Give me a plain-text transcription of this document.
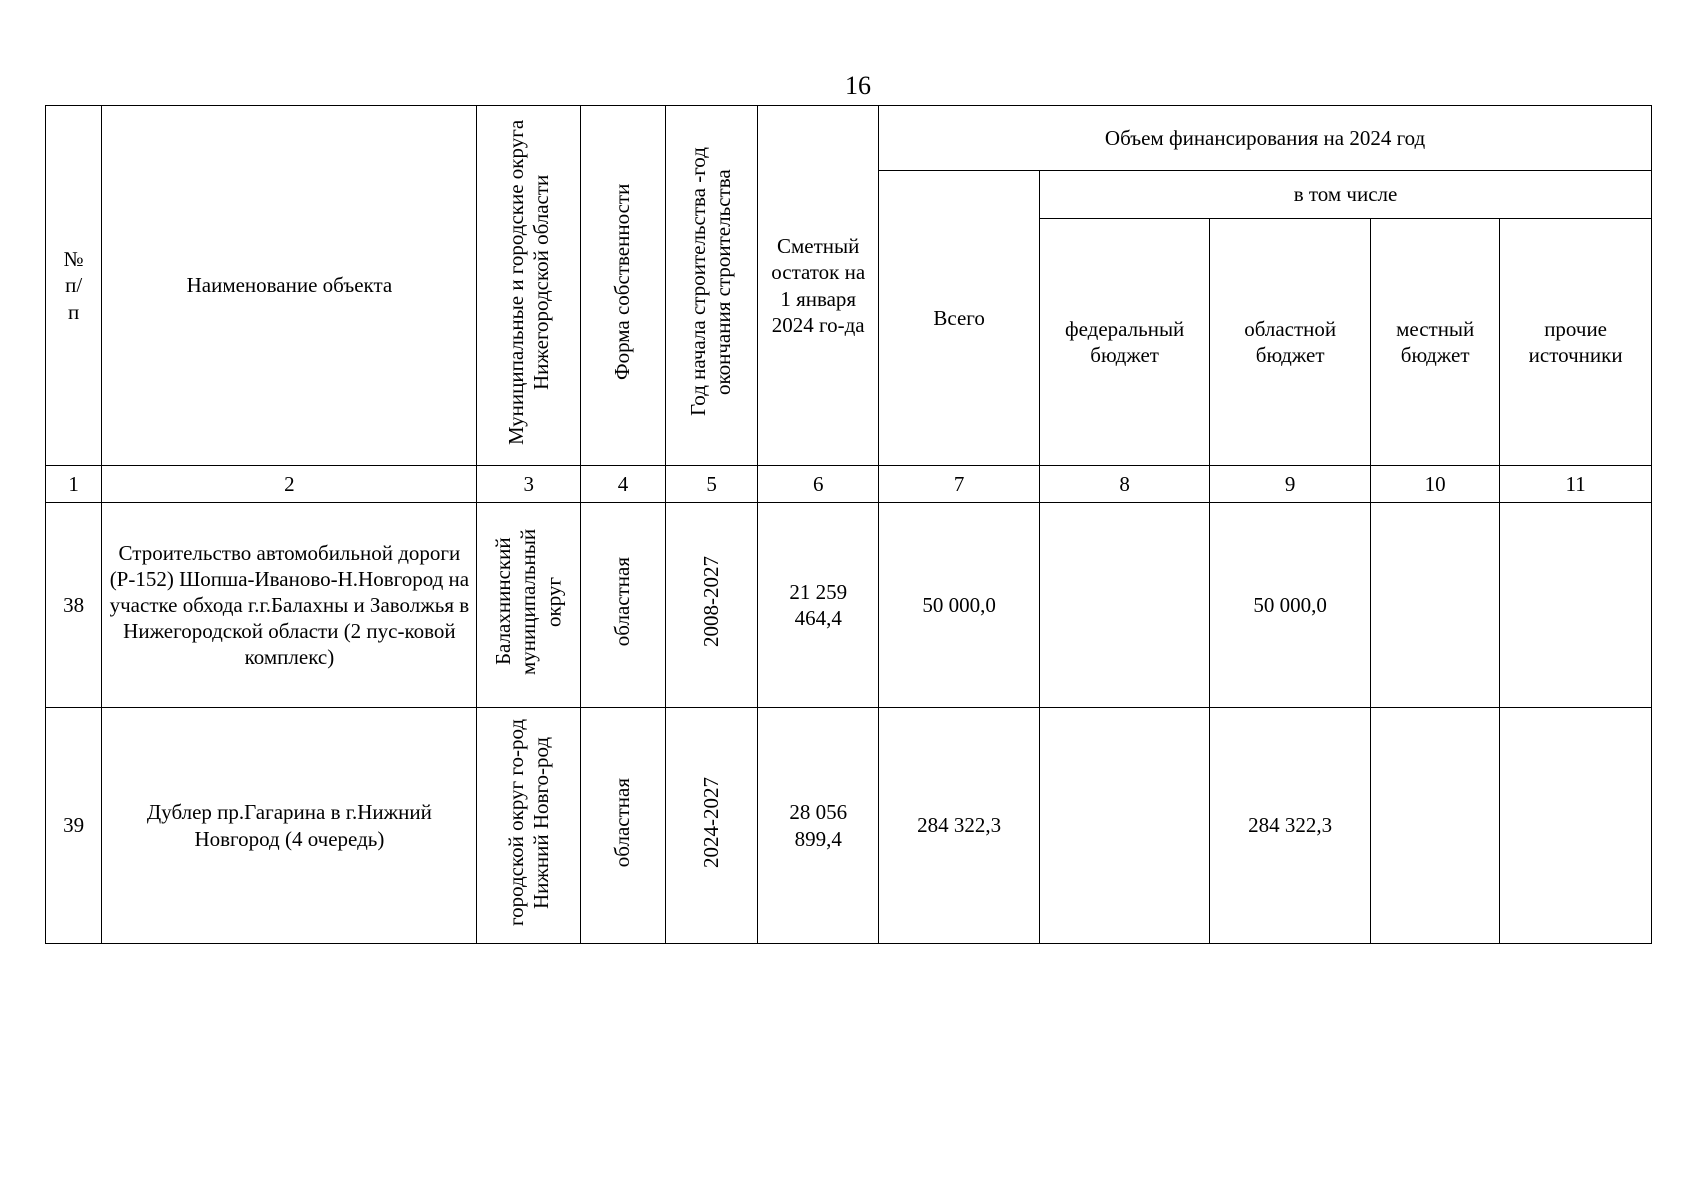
16
№ п/ п	Наименование объекта	Муниципальные и городские округа Нижегородской области	Форма собственности	Год начала строительства -год окончания строительства	Сметный остаток на 1 января 2024 го-да	Объем финансирования на 2024 год				
						Всего	в том числе			

							федеральный бюджет	областной бюджет	местный бюджет	прочие источники

1	2	3	4	5	6	7	8	9	10	11
38	Строительство автомобильной дороги (Р-152) Шопша-Иваново-Н.Новгород на участке обхода г.г.Балахны и Заволжья в Нижегородской области (2 пус-ковой комплекс)	Балахнинский муниципальный округ	областная	2008-2027	21 259 464,4	50 000,0		50 000,0		
39	Дублер пр.Гагарина в г.Нижний Новгород (4 очередь)	городской округ го-род Нижний Новго-род	областная	2024-2027	28 056 899,4	284 322,3		284 322,3		
